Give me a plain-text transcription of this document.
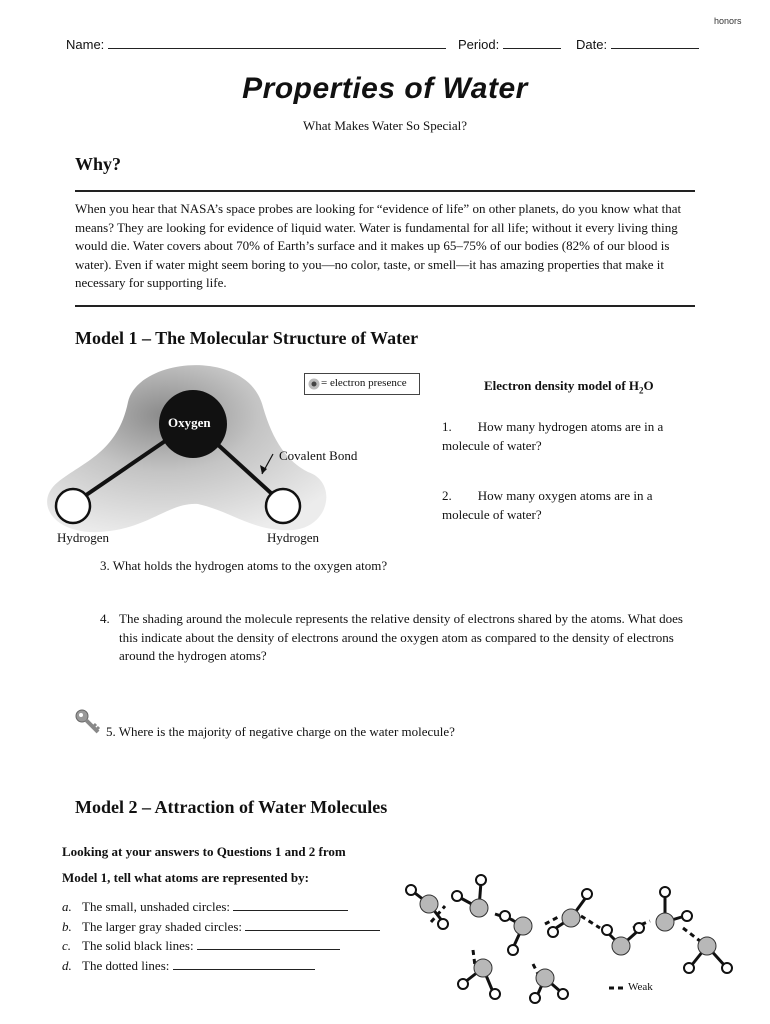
honors
Name:	Period:	Date:
Properties of Water
What Makes Water So Special?
Why?

When you hear that NASA’s space probes are looking for “evidence of life” on other planets, do you know what that means? They are looking for evidence of liquid water. Water is fundamental for all life; without it every living thing would die. Water covers about 70% of Earth’s surface and it makes up 65–75% of our bodies (82% of our blood is water). Even if water might seem boring to you—no color, taste, or smell—it has amazing properties that make it necessary for supporting life.

Model 1 – The Molecular Structure of Water
Oxygen
Covalent Bond
Hydrogen	Hydrogen
= electron presence	Electron density model of $H_2O$
1. How many hydrogen atoms are in a molecule of water?
2. How many oxygen atoms are in a molecule of water?
3. What holds the hydrogen atoms to the oxygen atom?
4. The shading around the molecule represents the relative density of electrons shared by the atoms. What does this indicate about the density of electrons around the oxygen atom as compared to the density of electrons around the hydrogen atoms?

5. Where is the majority of negative charge on the water molecule?
Model 2 – Attraction of Water Molecules
Looking at your answers to Questions 1 and 2 from
Model 1, tell what atoms are represented by:
a. The small, unshaded circles:
b. The larger gray shaded circles:
c. The solid black lines:
d. The dotted lines:
Weak
